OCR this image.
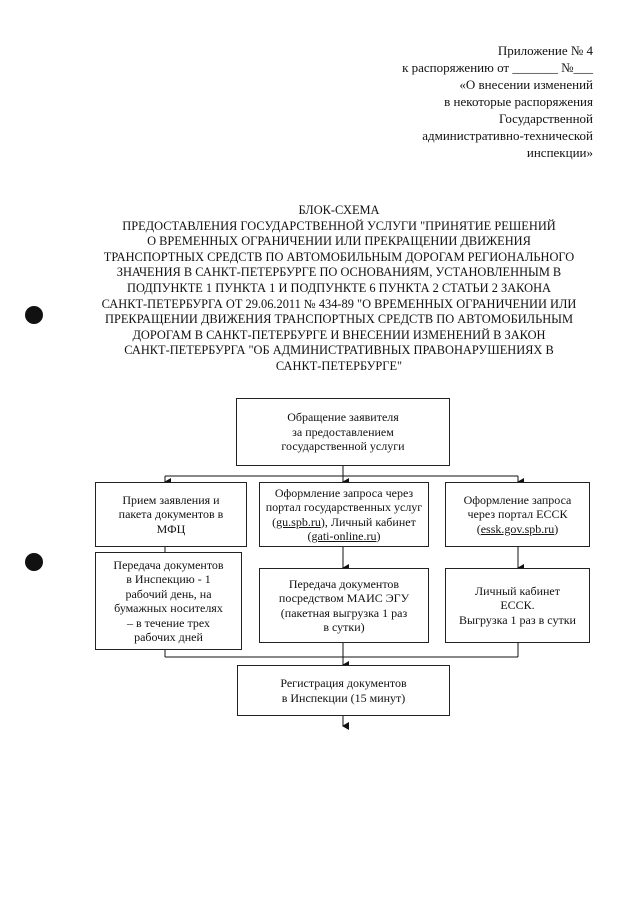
Приложение № 4
к распоряжению от _______ №___
«О внесении изменений
в некоторые распоряжения
Государственной
административно-технической
инспекции»
БЛОК-СХЕМА
ПРЕДОСТАВЛЕНИЯ ГОСУДАРСТВЕННОЙ УСЛУГИ "ПРИНЯТИЕ РЕШЕНИЙ
О ВРЕМЕННЫХ ОГРАНИЧЕНИИ ИЛИ ПРЕКРАЩЕНИИ ДВИЖЕНИЯ
ТРАНСПОРТНЫХ СРЕДСТВ ПО АВТОМОБИЛЬНЫМ ДОРОГАМ РЕГИОНАЛЬНОГО
ЗНАЧЕНИЯ В САНКТ-ПЕТЕРБУРГЕ ПО ОСНОВАНИЯМ, УСТАНОВЛЕННЫМ В
ПОДПУНКТЕ 1 ПУНКТА 1 И ПОДПУНКТЕ 6 ПУНКТА 2 СТАТЬИ 2 ЗАКОНА
САНКТ-ПЕТЕРБУРГА ОТ 29.06.2011 № 434-89 "О ВРЕМЕННЫХ ОГРАНИЧЕНИИ ИЛИ
ПРЕКРАЩЕНИИ ДВИЖЕНИЯ ТРАНСПОРТНЫХ СРЕДСТВ ПО АВТОМОБИЛЬНЫМ
ДОРОГАМ В САНКТ-ПЕТЕРБУРГЕ И ВНЕСЕНИИ ИЗМЕНЕНИЙ В ЗАКОН
САНКТ-ПЕТЕРБУРГА "ОБ АДМИНИСТРАТИВНЫХ ПРАВОНАРУШЕНИЯХ В
САНКТ-ПЕТЕРБУРГЕ"
Обращение заявителя
за предоставлением
государственной услуги
Прием заявления и
пакета документов в
МФЦ
Оформление запроса через
портал государственных услуг
(gu.spb.ru), Личный кабинет
(gati-online.ru)
Оформление запроса
через портал ЕССК
(essk.gov.spb.ru)
Передача документов
в Инспекцию - 1
рабочий день, на
бумажных носителях
– в течение трех
рабочих дней
Передача документов
посредством МАИС ЭГУ
(пакетная выгрузка 1 раз
в сутки)
Личный кабинет
ЕССК.
Выгрузка 1 раз в сутки
Регистрация документов
в Инспекции (15 минут)
